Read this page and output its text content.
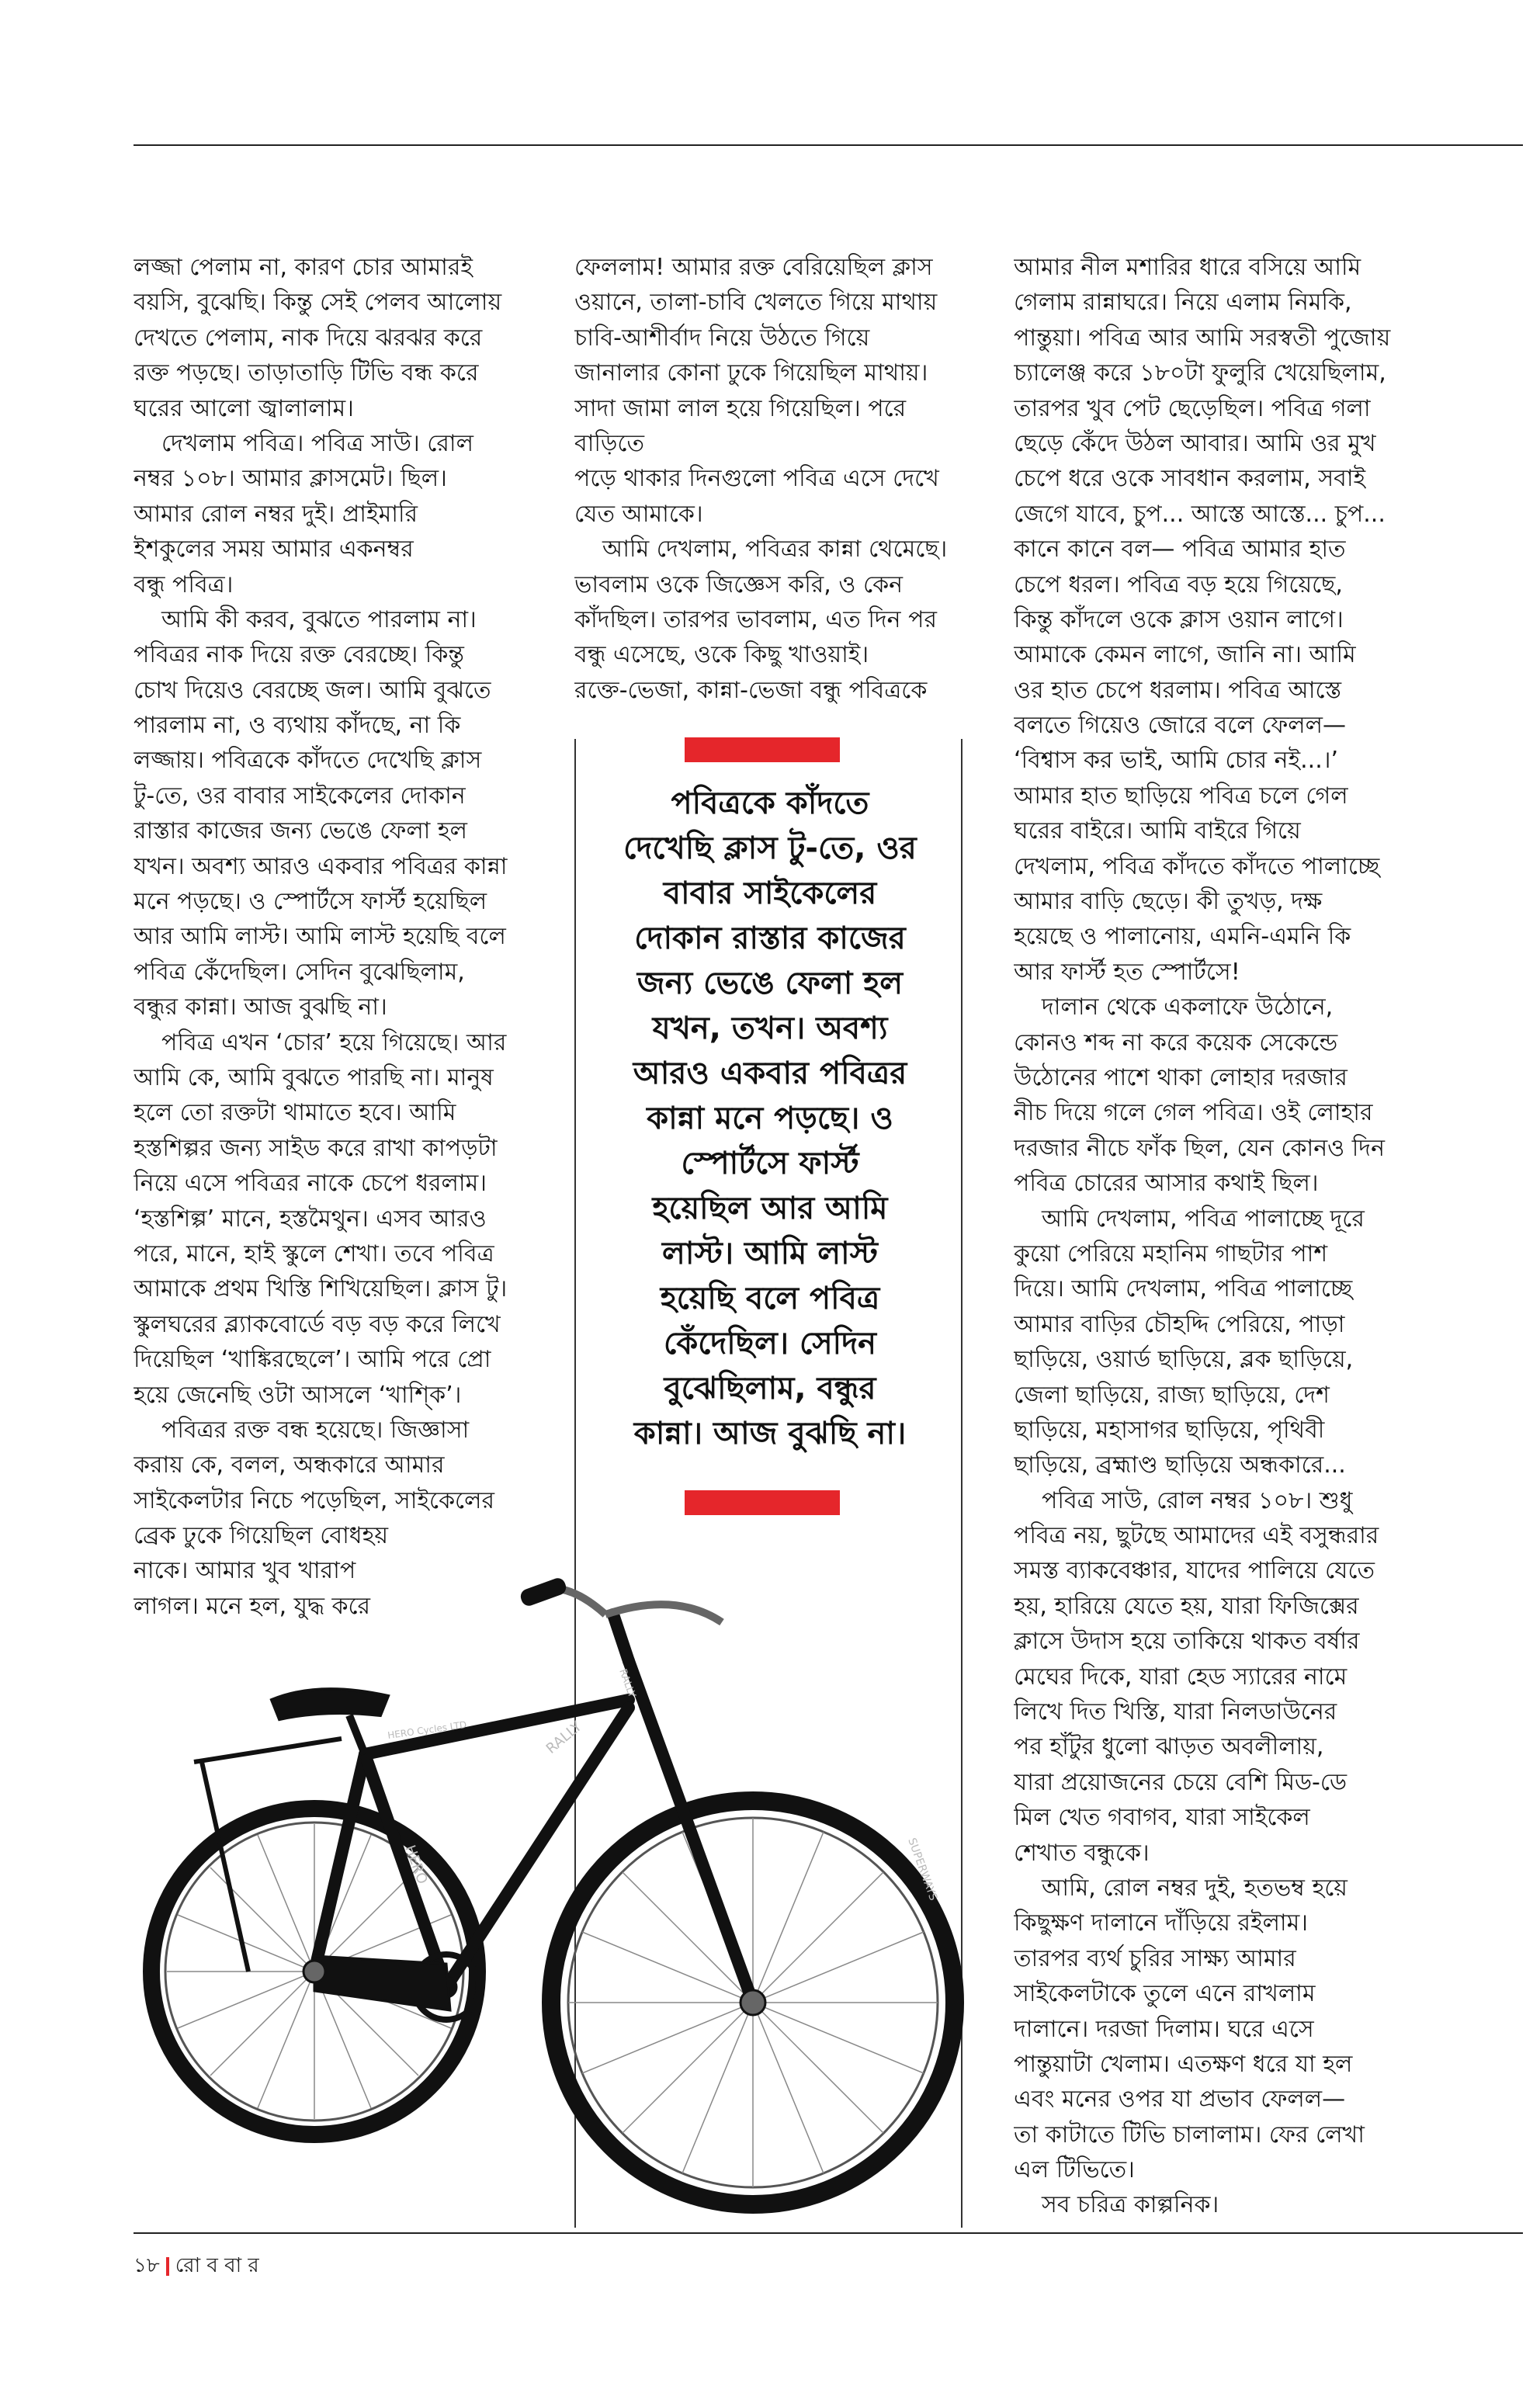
লজ্জা পেলাম না, কারণ চোর আমারই
বয়সি, বুঝেছি। কিন্তু সেই পেলব আলোয়
দেখতে পেলাম, নাক দিয়ে ঝরঝর করে
রক্ত পড়ছে। তাড়াতাড়ি টিভি বন্ধ করে
ঘরের আলো জ্বালালাম।
দেখলাম পবিত্র। পবিত্র সাউ। রোল
নম্বর ১০৮। আমার ক্লাসমেট। ছিল।
আমার রোল নম্বর দুই। প্রাইমারি
ইশকুলের সময় আমার একনম্বর
বন্ধু পবিত্র।
আমি কী করব, বুঝতে পারলাম না।
পবিত্রর নাক দিয়ে রক্ত বেরচ্ছে। কিন্তু
চোখ দিয়েও বেরচ্ছে জল। আমি বুঝতে
পারলাম না, ও ব্যথায় কাঁদছে, না কি
লজ্জায়। পবিত্রকে কাঁদতে দেখেছি ক্লাস
টু-তে, ওর বাবার সাইকেলের দোকান
রাস্তার কাজের জন্য ভেঙে ফেলা হল
যখন। অবশ্য আরও একবার পবিত্রর কান্না
মনে পড়ছে। ও স্পোর্টসে ফার্স্ট হয়েছিল
আর আমি লাস্ট। আমি লাস্ট হয়েছি বলে
পবিত্র কেঁদেছিল। সেদিন বুঝেছিলাম,
বন্ধুর কান্না। আজ বুঝছি না।
পবিত্র এখন ‘চোর’ হয়ে গিয়েছে। আর
আমি কে, আমি বুঝতে পারছি না। মানুষ
হলে তো রক্তটা থামাতে হবে। আমি
হস্তশিল্পর জন্য সাইড করে রাখা কাপড়টা
নিয়ে এসে পবিত্রর নাকে চেপে ধরলাম।
‘হস্তশিল্প’ মানে, হস্তমৈথুন। এসব আরও
পরে, মানে, হাই স্কুলে শেখা। তবে পবিত্র
আমাকে প্রথম খিস্তি শিখিয়েছিল। ক্লাস টু।
স্কুলঘরের ব্ল্যাকবোর্ডে বড় বড় করে লিখে
দিয়েছিল ‘খাঙ্কিরছেলে’। আমি পরে প্রো
হয়ে জেনেছি ওটা আসলে ‘খাশ্কি’।
পবিত্রর রক্ত বন্ধ হয়েছে। জিজ্ঞাসা
করায় কে, বলল, অন্ধকারে আমার
সাইকেলটার নিচে পড়েছিল, সাইকেলের
ব্রেক ঢুকে গিয়েছিল বোধহয়
নাকে। আমার খুব খারাপ
লাগল। মনে হল, যুদ্ধ করে
ফেললাম! আমার রক্ত বেরিয়েছিল ক্লাস
ওয়ানে, তালা-চাবি খেলতে গিয়ে মাথায়
চাবি-আশীর্বাদ নিয়ে উঠতে গিয়ে
জানালার কোনা ঢুকে গিয়েছিল মাথায়।
সাদা জামা লাল হয়ে গিয়েছিল। পরে
বাড়িতে
পড়ে থাকার দিনগুলো পবিত্র এসে দেখে
যেত আমাকে।
আমি দেখলাম, পবিত্রর কান্না থেমেছে।
ভাবলাম ওকে জিজ্ঞেস করি, ও কেন
কাঁদছিল। তারপর ভাবলাম, এত দিন পর
বন্ধু এসেছে, ওকে কিছু খাওয়াই।
রক্তে-ভেজা, কান্না-ভেজা বন্ধু পবিত্রকে
আমার নীল মশারির ধারে বসিয়ে আমি
গেলাম রান্নাঘরে। নিয়ে এলাম নিমকি,
পান্তুয়া। পবিত্র আর আমি সরস্বতী পুজোয়
চ্যালেঞ্জ করে ১৮০টা ফুলুরি খেয়েছিলাম,
তারপর খুব পেট ছেড়েছিল। পবিত্র গলা
ছেড়ে কেঁদে উঠল আবার। আমি ওর মুখ
চেপে ধরে ওকে সাবধান করলাম, সবাই
জেগে যাবে, চুপ... আস্তে আস্তে... চুপ...
কানে কানে বল— পবিত্র আমার হাত
চেপে ধরল। পবিত্র বড় হয়ে গিয়েছে,
কিন্তু কাঁদলে ওকে ক্লাস ওয়ান লাগে।
আমাকে কেমন লাগে, জানি না। আমি
ওর হাত চেপে ধরলাম। পবিত্র আস্তে
বলতে গিয়েও জোরে বলে ফেলল—
‘বিশ্বাস কর ভাই, আমি চোর নই...।’
আমার হাত ছাড়িয়ে পবিত্র চলে গেল
ঘরের বাইরে। আমি বাইরে গিয়ে
দেখলাম, পবিত্র কাঁদতে কাঁদতে পালাচ্ছে
আমার বাড়ি ছেড়ে। কী তুখড়, দক্ষ
হয়েছে ও পালানোয়, এমনি-এমনি কি
আর ফার্স্ট হত স্পোর্টসে!
দালান থেকে একলাফে উঠোনে,
কোনও শব্দ না করে কয়েক সেকেন্ডে
উঠোনের পাশে থাকা লোহার দরজার
নীচ দিয়ে গলে গেল পবিত্র। ওই লোহার
দরজার নীচে ফাঁক ছিল, যেন কোনও দিন
পবিত্র চোরের আসার কথাই ছিল।
আমি দেখলাম, পবিত্র পালাচ্ছে দূরে
কুয়ো পেরিয়ে মহানিম গাছটার পাশ
দিয়ে। আমি দেখলাম, পবিত্র পালাচ্ছে
আমার বাড়ির চৌহদ্দি পেরিয়ে, পাড়া
ছাড়িয়ে, ওয়ার্ড ছাড়িয়ে, ব্লক ছাড়িয়ে,
জেলা ছাড়িয়ে, রাজ্য ছাড়িয়ে, দেশ
ছাড়িয়ে, মহাসাগর ছাড়িয়ে, পৃথিবী
ছাড়িয়ে, ব্রহ্মাণ্ড ছাড়িয়ে অন্ধকারে...
পবিত্র সাউ, রোল নম্বর ১০৮। শুধু
পবিত্র নয়, ছুটছে আমাদের এই বসুন্ধরার
সমস্ত ব্যাকবেঞ্চার, যাদের পালিয়ে যেতে
হয়, হারিয়ে যেতে হয়, যারা ফিজিক্সের
ক্লাসে উদাস হয়ে তাকিয়ে থাকত বর্ষার
মেঘের দিকে, যারা হেড স্যারের নামে
লিখে দিত খিস্তি, যারা নিলডাউনের
পর হাঁটুর ধুলো ঝাড়ত অবলীলায়,
যারা প্রয়োজনের চেয়ে বেশি মিড-ডে
মিল খেত গবাগব, যারা সাইকেল
শেখাত বন্ধুকে।
আমি, রোল নম্বর দুই, হতভম্ব হয়ে
কিছুক্ষণ দালানে দাঁড়িয়ে রইলাম।
তারপর ব্যর্থ চুরির সাক্ষ্য আমার
সাইকেলটাকে তুলে এনে রাখলাম
দালানে। দরজা দিলাম। ঘরে এসে
পান্তুয়াটা খেলাম। এতক্ষণ ধরে যা হল
এবং মনের ওপর যা প্রভাব ফেলল—
তা কাটাতে টিভি চালালাম। ফের লেখা
এল টিভিতে।
সব চরিত্র কাল্পনিক।
পবিত্রকে কাঁদতে
দেখেছি ক্লাস টু-তে, ওর
বাবার সাইকেলের
দোকান রাস্তার কাজের
জন্য ভেঙে ফেলা হল
যখন, তখন। অবশ্য
আরও একবার পবিত্রর
কান্না মনে পড়ছে। ও
স্পোর্টসে ফার্স্ট
হয়েছিল আর আমি
লাস্ট। আমি লাস্ট
হয়েছি বলে পবিত্র
কেঁদেছিল। সেদিন
বুঝেছিলাম, বন্ধুর
কান্না। আজ বুঝছি না।
HERO Cycles LTD	RALLY
HERO
RALLY
SUPERWAYS
১৮ রো ব বা র
